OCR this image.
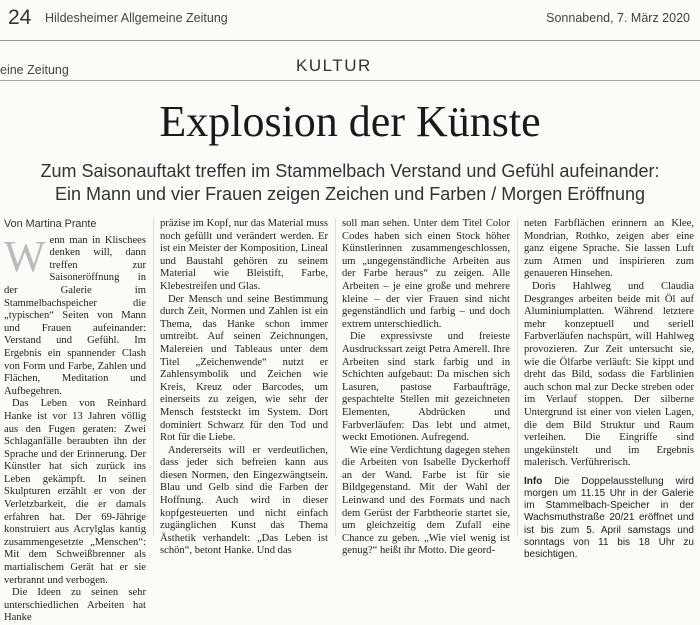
24 Hildesheimer Allgemeine Zeitung	Sonnabend, 7. März 2020
eine Zeitung	KULTUR
Explosion der Künste
Zum Saisonauftakt treffen im Stammelbach Verstand und Gefühl aufeinander:
Ein Mann und vier Frauen zeigen Zeichen und Farben / Morgen Eröffnung
Von Martina Prante
W enn man in Klischees denken will, dann treffen zur Saisoneröffnung in der Galerie im Stammelbachspeicher die „typischen“ Seiten von Mann und Frauen aufeinander: Verstand und Gefühl. Im Ergebnis ein spannender Clash von Form und Farbe, Zahlen und Flächen, Meditation und Aufbegehren.

Das Leben von Reinhard Hanke ist vor 13 Jahren völlig aus den Fugen geraten: Zwei Schlaganfälle beraubten ihn der Sprache und der Erinnerung. Der Künstler hat sich zurück ins Leben gekämpft. In seinen Skulpturen erzählt er von der Verletzbarkeit, die er damals erfahren hat. Der 69-Jährige konstruiert aus Acrylglas kantig zusammengesetzte „Menschen“: Mit dem Schweißbrenner als martialischem Gerät hat er sie verbrannt und verbogen.

Die Ideen zu seinen sehr unterschiedlichen Arbeiten hat Hanke

präzise im Kopf, nur das Material muss noch gefüllt und verändert werden. Er ist ein Meister der Komposition, Lineal und Baustahl gehören zu seinem Material wie Bleistift, Farbe, Klebestreifen und Glas.

Der Mensch und seine Bestimmung durch Zeit, Normen und Zahlen ist ein Thema, das Hanke schon immer umtreibt. Auf seinen Zeichnungen, Malereien und Tableaus unter dem Titel „Zeichenwende“ nutzt er Zahlensymbolik und Zeichen wie Kreis, Kreuz oder Barcodes, um einerseits zu zeigen, wie sehr der Mensch feststeckt im System. Dort dominiert Schwarz für den Tod und Rot für die Liebe.

Andererseits will er verdeutlichen, dass jeder sich befreien kann aus diesen Normen, den Eingezwängtsein. Blau und Gelb sind die Farben der Hoffnung. Auch wird in dieser kopfgesteuerten und nicht einfach zugänglichen Kunst das Thema Ästhetik verhandelt: „Das Leben ist schön“, betont Hanke. Und das

soll man sehen. Unter dem Titel Color Codes haben sich einen Stock höher Künstlerinnen zusammengeschlossen, um „ungegenständliche Arbeiten aus der Farbe heraus“ zu zeigen. Alle Arbeiten – je eine große und mehrere kleine – der vier Frauen sind nicht gegenständlich und farbig – und doch extrem unterschiedlich.

Die expressivste und freieste Ausdruckssart zeigt Petra Amerell. Ihre Arbeiten sind stark farbig und in Schichten aufgebaut: Da mischen sich Lasuren, pastose Farbaufträge, gespachtelte Stellen mit gezeichneten Elementen, Abdrücken und Farbverläufen: Das lebt und atmet, weckt Emotionen. Aufregend.

Wie eine Verdichtung dagegen stehen die Arbeiten von Isabelle Dyckerhoff an der Wand. Farbe ist für sie Bildgegenstand. Mit der Wahl der Leinwand und des Formats und nach dem Gerüst der Farbtheorie startet sie, um gleichzeitig dem Zufall eine Chance zu geben. „Wie viel wenig ist genug?“ heißt ihr Motto. Die geord-

neten Farbflächen erinnern an Klee, Mondrian, Rothko, zeigen aber eine ganz eigene Sprache. Sie lassen Luft zum Atmen und inspirieren zum genaueren Hinsehen.

Doris Hahlweg und Claudia Desgranges arbeiten beide mit Öl auf Aluminiumplatten. Während letztere mehr konzeptuell und seriell Farbverläufen nachspürt, will Hahlweg provozieren. Zur Zeit untersucht sie, wie die Ölfarbe verläuft: Sie kippt und dreht das Bild, sodass die Farblinien auch schon mal zur Decke streben oder im Verlauf stoppen. Der silberne Untergrund ist einer von vielen Lagen, die dem Bild Struktur und Raum verleihen. Die Eingriffe sind ungekünstelt und im Ergebnis malerisch. Verführerisch.

Info Die Doppelausstellung wird morgen um 11.15 Uhr in der Galerie im Stammelbach-Speicher in der Wachsmuthstraße 20/21 eröffnet und ist bis zum 5. April samstags und sonntags von 11 bis 18 Uhr zu besichtigen.
